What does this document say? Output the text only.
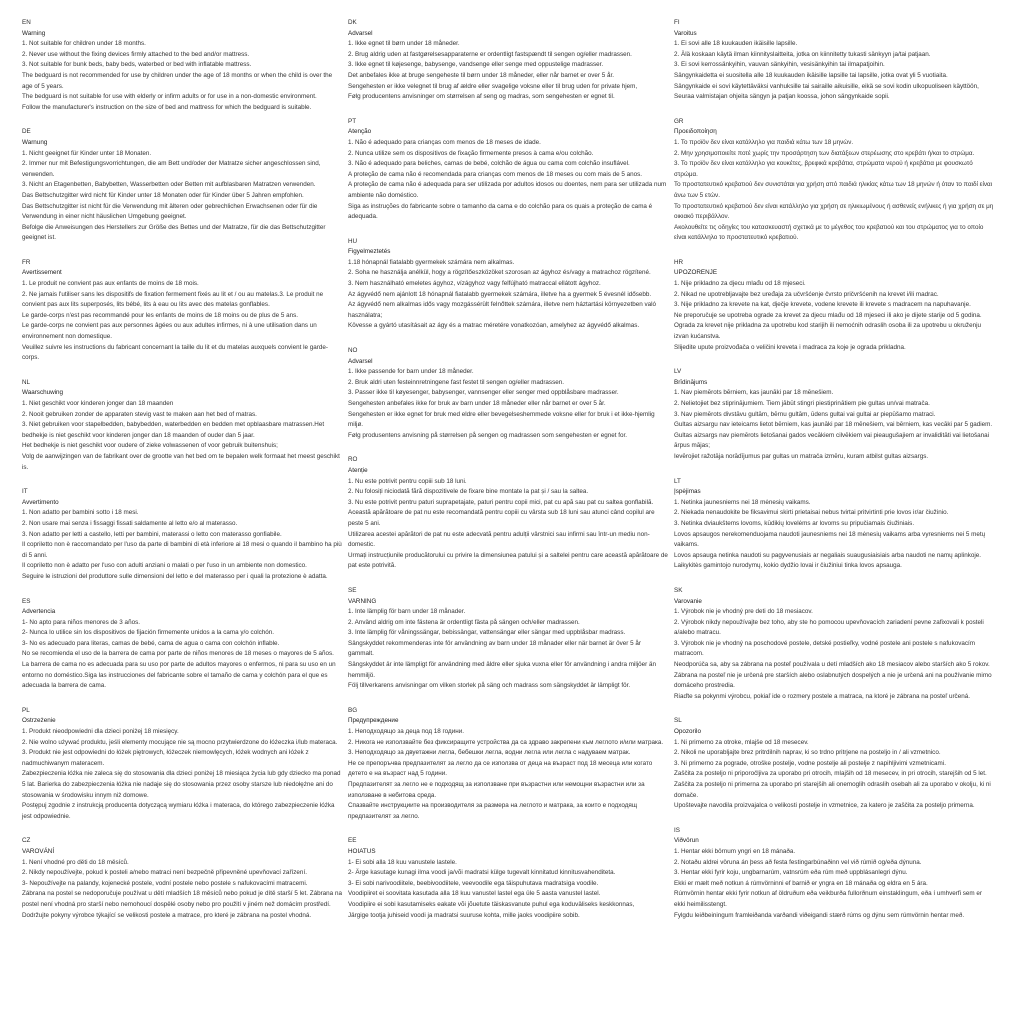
EN
Warning
1. Not suitable for children under 18 months.
2. Never use without the fixing devices firmly attached to the bed and/or mattress.
3. Not suitable for bunk beds, baby beds, waterbed or bed with inflatable mattress.
The bedguard is not recommended for use by children under the age of 18 months or when the child is over the age of 5 years.
The bedguard is not suitable for use with elderly or infirm adults or for use in a non-domestic environment.
Follow the manufacturer's instruction on the size of bed and mattress for which the bedguard is suitable.
DE
Warnung
1. Nicht geeignet für Kinder unter 18 Monaten.
2. Immer nur mit Befestigungsvorrichtungen, die am Bett und/oder der Matratze sicher angeschlossen sind, verwenden.
3. Nicht an Etagenbetten, Babybetten, Wasserbetten oder Betten mit aufblasbaren Matratzen verwenden.
Das Bettschutzgitter wird nicht für Kinder unter 18 Monaten oder für Kinder über 5 Jahren empfohlen.
Das Bettschutzgitter ist nicht für die Verwendung mit älteren oder gebrechlichen Erwachsenen oder für die Verwendung in einer nicht häuslichen Umgebung geeignet.
Befolge die Anweisungen des Herstellers zur Größe des Bettes und der Matratze, für die das Bettschutzgitter geeignet ist.
FR
Avertissement
1. Le produit ne convient pas aux enfants de moins de 18 mois.
2. Ne jamais l'utiliser sans les dispositifs de fixation fermement fixés au lit et / ou au matelas.3. Le produit ne convient pas aux lits superposés, lits bébé, lits à eau ou lits avec des matelas gonflables.
Le garde-corps n'est pas recommandé pour les enfants de moins de 18 moins ou de plus de 5 ans.
Le garde-corps ne convient pas aux personnes âgées ou aux adultes infirmes, ni à une utilisation dans un environnement non domestique.
Veuillez suivre les instructions du fabricant concernant la taille du lit et du matelas auxquels convient le garde-corps.
NL
Waarschuwing
1. Niet geschikt voor kinderen jonger dan 18 maanden
2. Nooit gebruiken zonder de apparaten stevig vast te maken aan het bed of matras.
3. Niet gebruiken voor stapelbedden, babybedden, waterbedden en bedden met opblaasbare matrassen.Het bedhekje is niet geschikt voor kinderen jonger dan 18 maanden of ouder dan 5 jaar.
Het bedhekje is niet geschikt voor oudere of zieke volwassenen of voor gebruik buitenshuis;
Volg de aanwijzingen van de fabrikant over de grootte van het bed om te bepalen welk formaat het meest geschikt is.
IT
Avvertimento
1. Non adatto per bambini sotto i 18 mesi.
2. Non usare mai senza i fissaggi fissati saldamente al letto e/o al materasso.
3. Non adatto per letti a castello, letti per bambini, materassi o letto con materasso gonfiabile.
Il copriletto non è raccomandato per l'uso da parte di bambini di età inferiore ai 18 mesi o quando il bambino ha più di 5 anni.
Il copriletto non è adatto per l'uso con adulti anziani o malati o per l'uso in un ambiente non domestico.
Seguire le istruzioni del produttore sulle dimensioni del letto e del materasso per i quali la protezione è adatta.
ES
Advertencia
1- No apto para niños menores de 3 años.
2- Nunca lo utilice sin los dispositivos de fijación firmemente unidos a la cama y/o colchón.
3- No es adecuado para literas, camas de bebé, cama de agua o cama con colchón inflable.
No se recomienda el uso de la barrera de cama por parte de niños menores de 18 meses o mayores de 5 años.
La barrera de cama no es adecuada para su uso por parte de adultos mayores o enfermos, ni para su uso en un entorno no doméstico.Siga las instrucciones del fabricante sobre el tamaño de cama y colchón para el que es adecuada la barrera de cama.
PL
Ostrzeżenie
1. Produkt nieodpowiedni dla dzieci poniżej 18 miesięcy.
2. Nie wolno używać produktu, jeśli elementy mocujące nie są mocno przytwierdzone do łóżeczka i/lub materaca.
3. Produkt nie jest odpowiedni do łóżek piętrowych, łóżeczek niemowlęcych, łóżek wodnych ani łóżek z nadmuchiwanym materacem.
Zabezpieczenia łóżka nie zaleca się do stosowania dla dzieci poniżej 18 miesiąca życia lub gdy dziecko ma ponad 5 lat. Barierka do zabezpieczenia łóżka nie nadaje się do stosowania przez osoby starsze lub niedołężne ani do stosowania w środowisku innym niż domowe.
Postępuj zgodnie z instrukcją producenta dotyczącą wymiaru łóżka i materaca, do którego zabezpieczenie łóżka jest odpowiednie.
CZ
VAROVÁNÍ
1. Není vhodné pro děti do 18 měsíců.
2. Nikdy nepoužívejte, pokud k posteli a/nebo matraci není bezpečně připevněné upevňovací zařízení.
3- Nepoužívejte na palandy, kojenecké postele, vodní postele nebo postele s nafukovacími matracemi.
Zábrana na postel se nedoporučuje používat u dětí mladších 18 měsíců nebo pokud je dítě starší 5 let. Zábrana na postel není vhodná pro starší nebo nemohoucí dospělé osoby nebo pro použití v jiném než domácím prostředí. Dodržujte pokyny výrobce týkající se velikosti postele a matrace, pro které je zábrana na postel vhodná.
DK
Advarsel
1. Ikke egnet til børn under 18 måneder.
2. Brug aldrig uden at fastgørelsesapparaterne er ordentligt fastspændt til sengen og/eller madrassen.
3. Ikke egnet til køjesenge, babysenge, vandsenge eller senge med oppustelige madrasser.
Det anbefales ikke at bruge sengeheste til børn under 18 måneder, eller når barnet er over 5 år.
Sengehesten er ikke velegnet til brug af ældre eller svagelige voksne eller til brug uden for private hjem,
Følg producentens anvisninger om størrelsen af seng og madras, som sengehesten er egnet til.
PT
Atenção
1. Não é adequado para crianças com menos de 18 meses de idade.
2. Nunca utilize sem os dispositivos de fixação firmemente presos à cama e/ou colchão.
3. Não é adequado para beliches, camas de bebé, colchão de água ou cama com colchão insuflável.
A proteção de cama não é recomendada para crianças com menos de 18 meses ou com mais de 5 anos.
A proteção de cama não é adequada para ser utilizada por adultos idosos ou doentes, nem para ser utilizada num ambiente não doméstico.
Siga as instruções do fabricante sobre o tamanho da cama e do colchão para os quais a proteção de cama é adequada.
HU
Figyelmeztetés
1.18 hónapnál fiatalabb gyermekek számára nem alkalmas.
2. Soha ne használja anélkül, hogy a rögzítőeszközöket szorosan az ágyhoz és/vagy a matrachoz rögzítené.
3. Nem használható emeletes ágyhoz, vízágyhoz vagy felfújható matraccal ellátott ágyhoz.
Az ágyvédő nem ajánlott 18 hónapnál fiatalabb gyermekek számára, illetve ha a gyermek 5 évesnél idősebb.
Az ágyvédő nem alkalmas idős vagy mozgássérült felnőttek számára, illetve nem háztartási környezetben való használatra;
Kövesse a gyártó utasításait az ágy és a matrac méretére vonatkozóan, amelyhez az ágyvédő alkalmas.
NO
Advarsel
1. Ikke passende for barn under 18 måneder.
2. Bruk aldri uten festeinnretningene fast festet til sengen og/eller madrassen.
3. Passer ikke til køyesenger, babysenger, vannsenger eller senger med oppblåsbare madrasser.
Sengehesten anbefales ikke for bruk av barn under 18 måneder eller når barnet er over 5 år.
Sengehesten er ikke egnet for bruk med eldre eller bevegelseshemmede voksne eller for bruk i et ikke-hjemlig miljø.
Følg produsentens anvisning på størrelsen på sengen og madrassen som sengehesten er egnet for.
RO
Atenție
1. Nu este potrivit pentru copiii sub 18 luni.
2. Nu folosiți niciodată fără dispozitivele de fixare bine montate la pat și / sau la saltea.
3. Nu este potrivit pentru paturi suprapetajate, paturi pentru copii mici, pat cu apă sau pat cu saltea gonflabilă.
Această apărătoare de pat nu este recomandată pentru copiii cu vârsta sub 18 luni sau atunci când copilul are peste 5 ani.
Utilizarea acestei apărători de pat nu este adecvată pentru adulții vârstnici sau infirmi sau într-un mediu non-domestic.
Urmați instrucțiunile producătorului cu privire la dimensiunea patului și a salteleі pentru care această apărătoare de pat este potrivită.
SE
VARNING
1. Inte lämplig för barn under 18 månader.
2. Använd aldrig om inte fästena är ordentligt fästa på sängen och/eller madrassen.
3. Inte lämplig för våningssängar, bebissängar, vattensängar eller sängar med uppblåsbar madrass.
Sängskyddet rekommenderas inte för användning av barn under 18 månader eller när barnet är över 5 år gammalt.
Sängskyddet är inte lämpligt för användning med äldre eller sjuka vuxna eller för användning i andra miljöer än hemmiljö.
Följ tillverkarens anvisningar om vilken storlek på säng och madrass som sängskyddet är lämpligt för.
BG
Предупреждение
1. Неподходящо за деца под 18 години.
2. Никога не използвайте без фиксиращите устройства да са здраво закрепени към леглото и/или матрака.
3. Неподходящо за двуетажни легла, бебешки легла, водни легла или легла с надуваем матрак.
Не се препоръчва предпазителят за легло да се използва от деца на възраст под 18 месеца или когато детето е на възраст над 5 години.
Предпазителят за легло не е подходящ за използване при възрастни или немощни възрастни или за използване в небитова среда.
Спазвайте инструкциите на производителя за размера на леглото и матрака, за които е подходящ предпазителят за легло.
EE
HOIATUS
1- Ei sobi alla 18 kuu vanustele lastele.
2- Ärge kasutage kunagi ilma voodi ja/või madratsi külge tugevalt kinnitatud kinnitusvahenditeta.
3- Ei sobi narivoodiitele, beebivoodiitele, veevoodile ega täispuhutava madratsiga voodile.
Voodipiiret ei soovitata kasutada alla 18 kuu vanustel lastel ega üle 5 aasta vanustel lastel.
Voodipiire ei sobi kasutamiseks eakate või jõuetute täiskasvanute puhul ega koduväliseks keskkonnas,
Järgige tootja juhiseid voodi ja madratsi suuruse kohta, mille jaoks voodipiire sobib.
FI
Varoitus
1. Ei sovi alle 18 kuukauden ikäisille lapsille.
2. Älä koskaan käytä ilman kiinnityslaitteita, jotka on kiinnitetty tukasti sänkyyn ja/tai patjaan.
3. Ei sovi kerrossänkyihin, vauvan sänkyihin, vesisänkyihin tai ilmapatjoihin.
Sängynkaidetta ei suositella alle 18 kuukauden ikäisille lapsille tai lapsille, jotka ovat yli 5 vuotiaita.
Sängynkaide ei sovi käytettäväksi vanhuksille tai sairaille aikuisille, eikä se sovi kodin ulkopuoliseen käyttöön,
Seuraa valmistajan ohjeita sängyn ja patjan koossa, johon sängynkaide sopii.
GR
Προειδοποίηση
1. Το προϊόν δεν είναι κατάλληλο για παιδιά κάτω των 18 μηνών.
2. Μην χρησιμοποιείτε ποτέ χωρίς την προσάρτηση των διατάξεων στερέωσης στο κρεβάτι ή/και το στρώμα.
3. Το προϊόν δεν είναι κατάλληλο για κουκέτες, βρεφικά κρεβάτια, στρώματα νερού ή κρεβάτια με φουσκωτό στρώμα.
Το προστατευτικό κρεβατιού δεν συνιστάται για χρήση από παιδιά ηλικίας κάτω των 18 μηνών ή όταν το παιδί είναι άνω των 5 ετών.
Το προστατευτικό κρεβατιού δεν είναι κατάλληλο για χρήση σε ηλικιωμένους ή ασθενείς ενήλικες ή για χρήση σε μη οικιακό περιβάλλον.
Ακολουθείτε τις οδηγίες του κατασκευαστή σχετικά με το μέγεθος του κρεβατιού και του στρώματος για το οποίο είναι κατάλληλο το προστατευτικό κρεβατιού.
HR
UPOZORENJE
1. Nije prikladno za djecu mlađu od 18 mjeseci.
2. Nikad ne upotrebljavajte bez uređaja za učvršćenje čvrsto pričvršćenih na krevet i/ili madrac.
3. Nije prikladno za krevete na kat, dječje krevete, vodene krevete ili krevete s madracem na napuhavanje.
Ne preporučuje se upotreba ograde za krevet za djecu mlađu od 18 mjeseci ili ako je dijete starije od 5 godina.
Ograda za krevet nije prikladna za upotrebu kod starijih ili nemoćnih odraslih osoba ili za upotrebu u okruženju izvan kućanstva.
Slijedite upute proizvođača o veličini kreveta i madraca za koje je ograda prikladna.
LV
Brīdinājums
1. Nav piemērots bērniem, kas jaunāki par 18 mēnešiem.
2. Nelietojiet bez stiprinājumiem. Tiem jābūt stingri piestiprinātiem pie gultas un/vai matrača.
3. Nav piemērots divstāvu gultām, bērnu gultām, ūdens gultai vai gultai ar piepūšamo matraci.
Gultas aizsargu nav ieteicams lietot bērniem, kas jaunāki par 18 mēnešiem, vai bērniem, kas vecāki par 5 gadiem.
Gultas aizsargs nav piemērots lietošanai gados vecākiem cilvēkiem vai pieaugušajiem ar invaliditāti vai lietošanai ārpus mājas;
Ievērojiet ražotāja norādījumus par gultas un matrača izmēru, kuram atbilst gultas aizsargs.
LT
Įspėjimas
1. Netinka jaunesniems nei 18 mėnesių vaikams.
2. Niekada nenaudokite be fiksavimui skirti prietaisai nebus tvirtai pritvirtinti prie lovos ir/ar čiužinio.
3. Netinka dviaukštems lovoms, kūdikių lovelėms ar lovoms su pripučiamais čiužiniais.
Lovos apsaugos nerekomenduojama naudoti jaunesniems nei 18 mėnesių vaikams arba vyresniems nei 5 metų vaikams.
Lovos apsauga netinka naudoti su pagyvenusiais ar negaliais suaugusiaisiais arba naudoti ne namų aplinkoje.
Laikykitės gamintojo nurodymų, kokio dydžio lovai ir čiužiniui tinka lovos apsauga.
SK
Varovanie
1. Výrobok nie je vhodný pre deti do 18 mesiacov.
2. Výrobok nikdy nepoužívajte bez toho, aby ste ho pomocou upevňovacích zariadení pevne zafixovali k posteli a/alebo matracu.
3. Výrobok nie je vhodný na poschodové postele, detské postieľky, vodné postele ani postele s nafukovacím matracom.
Neodporúča sa, aby sa zábrana na posteľ používala u detí mladších ako 18 mesiacov alebo starších ako 5 rokov.
Zábrana na posteľ nie je určená pre starších alebo oslabnutých dospelých a nie je určená ani na používanie mimo domáceho prostredia.
Riaďte sa pokynmi výrobcu, pokiaľ ide o rozmery postele a matraca, na ktoré je zábrana na posteľ určená.
SL
Opozorilo
1. Ni primerno za otroke, mlajše od 18 mesecev.
2. Nikoli ne uporabljajte brez pritrdilnih naprav, ki so trdno pritrjene na posteljo in / ali vzmetnico.
3. Ni primerno za pograde, otroške postelje, vodne postelje ali postelje z napihljivimi vzmetnicami.
Zaščita za posteljo ni priporočljiva za uporabo pri otrocih, mlajših od 18 mesecev, in pri otrocih, starejših od 5 let.
Zaščita za posteljo ni primerna za uporabo pri starejših ali onemoglih odraslih osebah ali za uporabo v okolju, ki ni domače.
Upoštevajte navodila proizvajalca o velikosti postelje in vzmetnice, za katero je zaščita za posteljo primerna.
IS
Viðvörun
1. Hentar ekki börnum yngri en 18 mánaða.
2. Notaðu aldrei vöruna án þess að festa festingarbúnaðinn vel við rúmið og/eða dýnuna.
3. Hentar ekki fyrir koju, ungbarnarúm, vatnsrúm eða rúm með uppblásanlegri dýnu.
Ekki er mælt með notkun á rúmvörninni ef barnið er yngra en 18 mánaða og eldra en 5 ára.
Rúmvörnin hentar ekki fyrir notkun af öldruðum eða veikburða fullorðnum einstaklingum, eða í umhverfi sem er ekki heimilisstengt.
Fylgdu leiðbeiningum framleiðanda varðandi viðeigandi stærð rúms og dýnu sem rúmvörnin hentar með.
